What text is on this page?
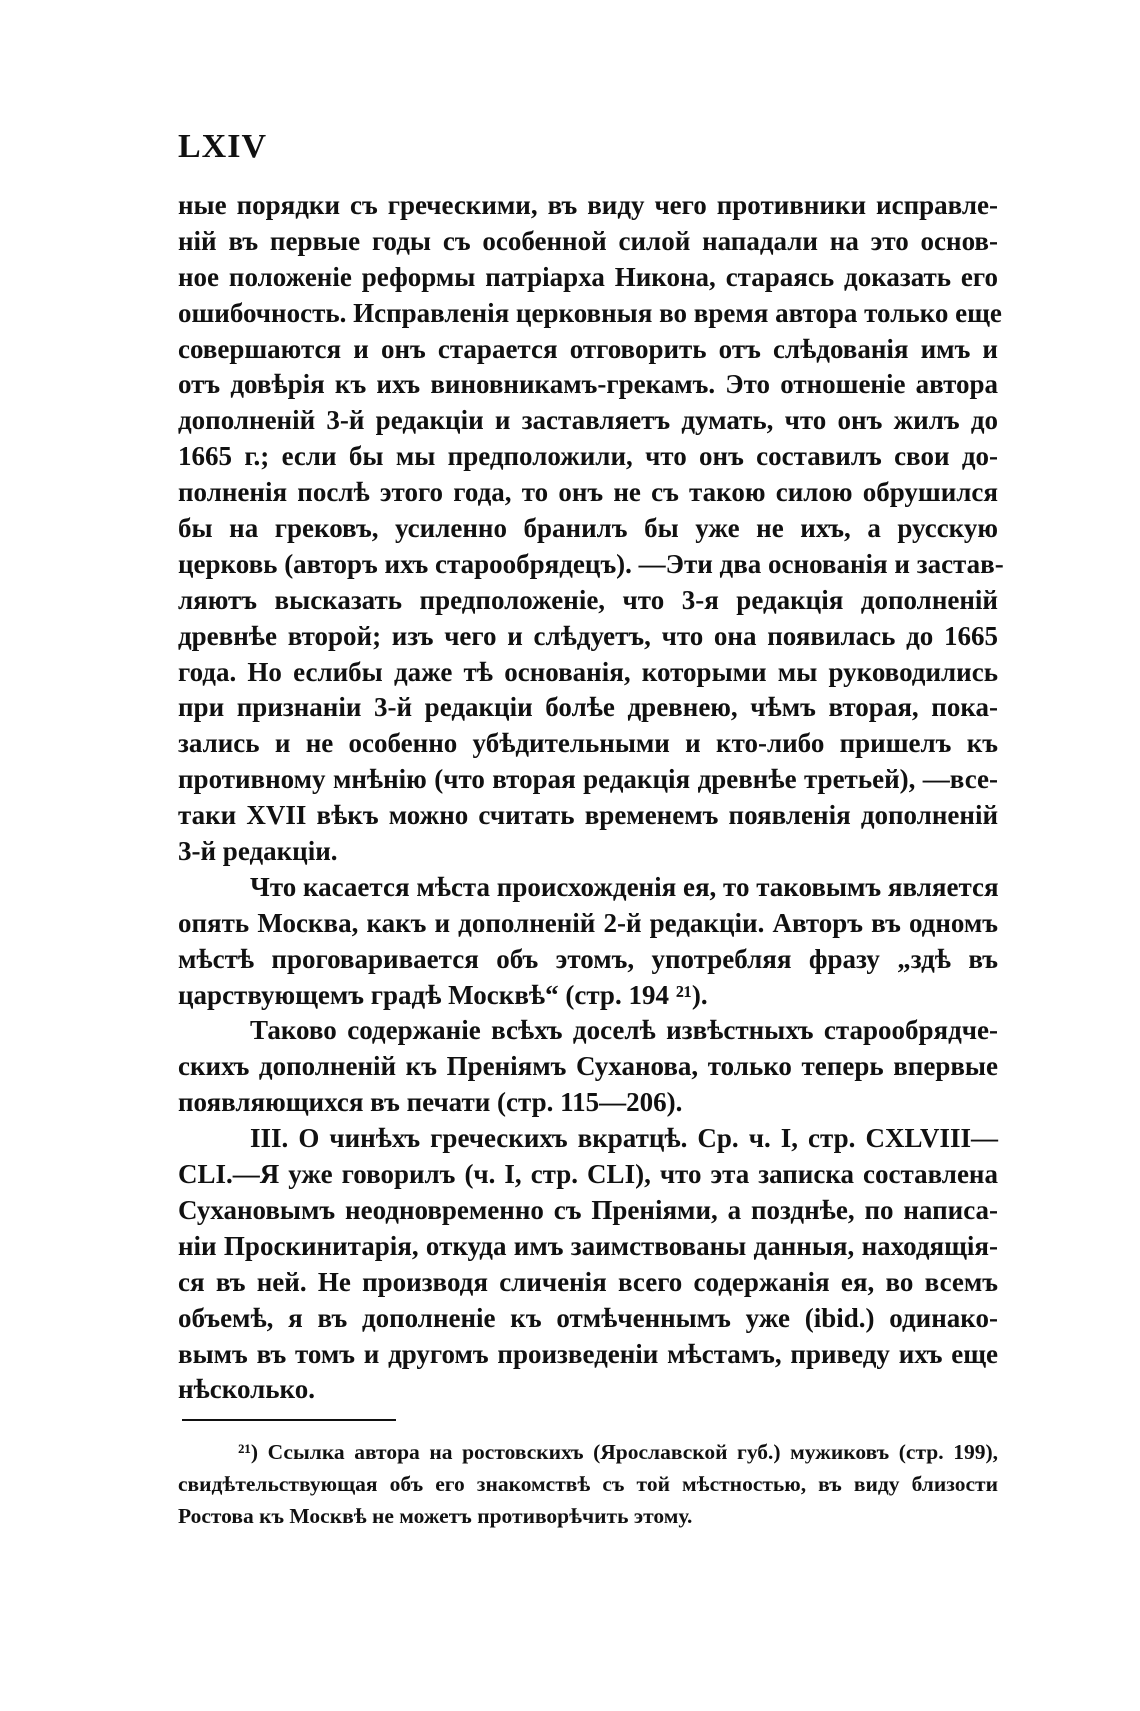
LXIV
ные порядки съ греческими, въ виду чего противники исправле-
ній въ первые годы съ особенной силой нападали на это основ-
ное положеніе реформы патріарха Никона, стараясь доказать его
ошибочность. Исправленія церковныя во время автора только еще
совершаются и онъ старается отговорить отъ слѣдованія имъ и
отъ довѣрія къ ихъ виновникамъ-грекамъ. Это отношеніе автора
дополненій 3-й редакціи и заставляетъ думать, что онъ жилъ до
1665 г.; если бы мы предположили, что онъ составилъ свои до-
полненія послѣ этого года, то онъ не съ такою силою обрушился
бы на грековъ, усиленно бранилъ бы уже не ихъ, а русскую
церковь (авторъ ихъ старообрядецъ). —Эти два основанія и застав-
ляютъ высказать предположеніе, что 3-я редакція дополненій
древнѣе второй; изъ чего и слѣдуетъ, что она появилась до 1665
года. Но еслибы даже тѣ основанія, которыми мы руководились
при признаніи 3-й редакціи болѣе древнею, чѣмъ вторая, пока-
зались и не особенно убѣдительными и кто-либо пришелъ къ
противному мнѣнію (что вторая редакція древнѣе третьей), —все-
таки XVII вѣкъ можно считать временемъ появленія дополненій
3-й редакціи.
Что касается мѣста происхожденія ея, то таковымъ является
опять Москва, какъ и дополненій 2-й редакціи. Авторъ въ одномъ
мѣстѣ проговаривается объ этомъ, употребляя фразу „здѣ въ
царствующемъ градѣ Москвѣ“ (стр. 194 ²¹).
Таково содержаніе всѣхъ доселѣ извѣстныхъ старообрядче-
скихъ дополненій къ Преніямъ Суханова, только теперь впервые
появляющихся въ печати (стр. 115—206).
III. О чинѣхъ греческихъ вкратцѣ. Ср. ч. I, стр. CXLVIII—
CLI.—Я уже говорилъ (ч. I, стр. CLI), что эта записка составлена
Сухановымъ неодновременно съ Преніями, а позднѣе, по написа-
ніи Проскинитарія, откуда имъ заимствованы данныя, находящія-
ся въ ней. Не производя сличенія всего содержанія ея, во всемъ
объемѣ, я въ дополненіе къ отмѣченнымъ уже (ibid.) одинако-
вымъ въ томъ и другомъ произведеніи мѣстамъ, приведу ихъ еще
нѣсколько.
²¹) Ссылка автора на ростовскихъ (Ярославской губ.) мужиковъ (стр. 199),
свидѣтельствующая объ его знакомствѣ съ той мѣстностью, въ виду близости
Ростова къ Москвѣ не можетъ противорѣчить этому.
